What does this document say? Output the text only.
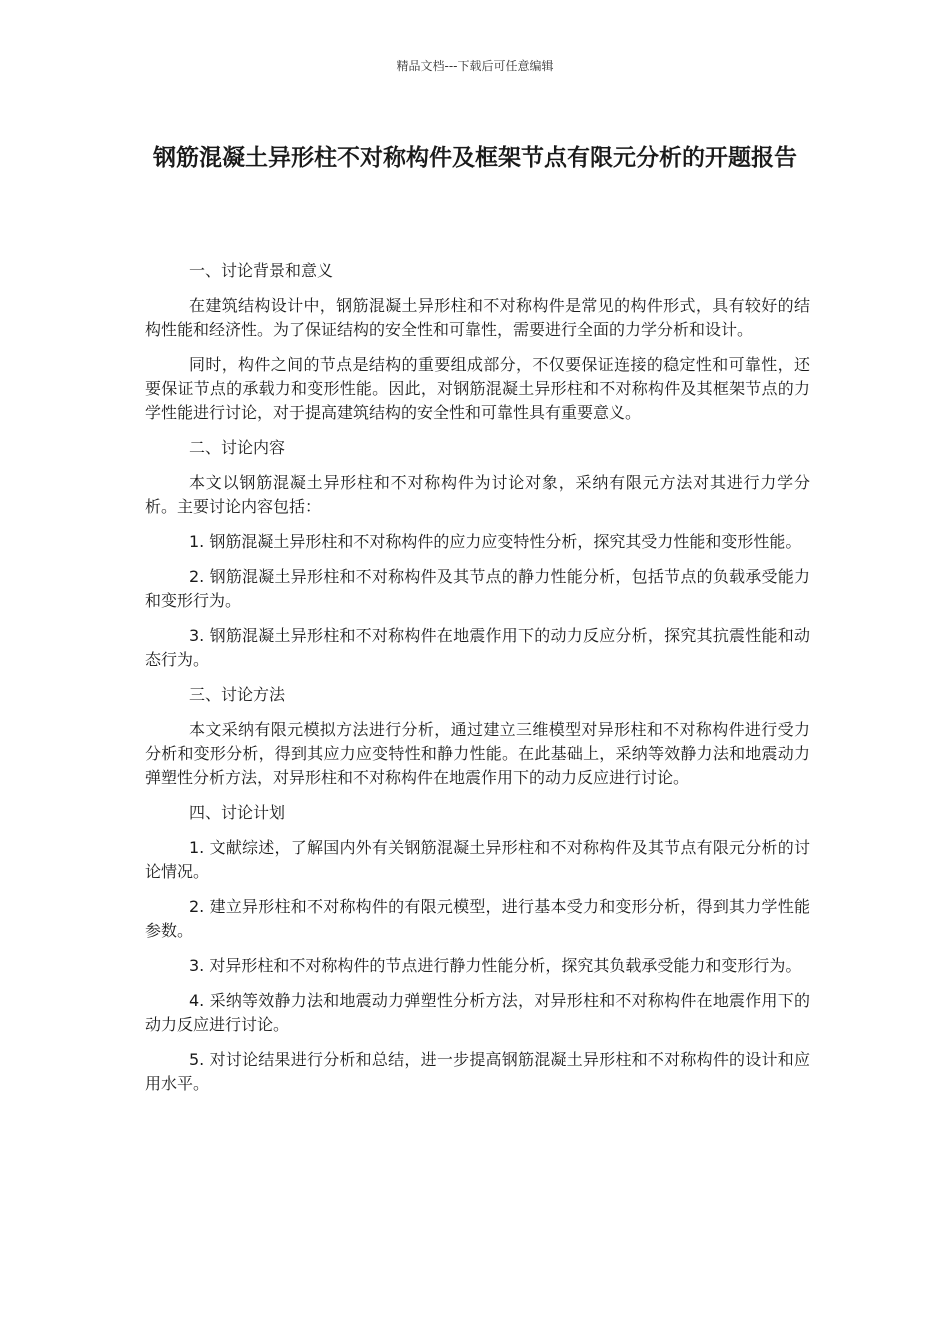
精品文档---下载后可任意编辑
钢筋混凝土异形柱不对称构件及框架节点有限元分析的开题报告

一、讨论背景和意义

在建筑结构设计中，钢筋混凝土异形柱和不对称构件是常见的构件形式，具有较好的结构性能和经济性。为了保证结构的安全性和可靠性，需要进行全面的力学分析和设计。

同时，构件之间的节点是结构的重要组成部分，不仅要保证连接的稳定性和可靠性，还要保证节点的承载力和变形性能。因此，对钢筋混凝土异形柱和不对称构件及其框架节点的力学性能进行讨论，对于提高建筑结构的安全性和可靠性具有重要意义。

二、讨论内容

本文以钢筋混凝土异形柱和不对称构件为讨论对象，采纳有限元方法对其进行力学分析。主要讨论内容包括：

1. 钢筋混凝土异形柱和不对称构件的应力应变特性分析，探究其受力性能和变形性能。

2. 钢筋混凝土异形柱和不对称构件及其节点的静力性能分析，包括节点的负载承受能力和变形行为。

3. 钢筋混凝土异形柱和不对称构件在地震作用下的动力反应分析，探究其抗震性能和动态行为。

三、讨论方法

本文采纳有限元模拟方法进行分析，通过建立三维模型对异形柱和不对称构件进行受力分析和变形分析，得到其应力应变特性和静力性能。在此基础上，采纳等效静力法和地震动力弹塑性分析方法，对异形柱和不对称构件在地震作用下的动力反应进行讨论。

四、讨论计划

1. 文献综述，了解国内外有关钢筋混凝土异形柱和不对称构件及其节点有限元分析的讨论情况。

2. 建立异形柱和不对称构件的有限元模型，进行基本受力和变形分析，得到其力学性能参数。

3. 对异形柱和不对称构件的节点进行静力性能分析，探究其负载承受能力和变形行为。

4. 采纳等效静力法和地震动力弹塑性分析方法，对异形柱和不对称构件在地震作用下的动力反应进行讨论。

5. 对讨论结果进行分析和总结，进一步提高钢筋混凝土异形柱和不对称构件的设计和应用水平。
